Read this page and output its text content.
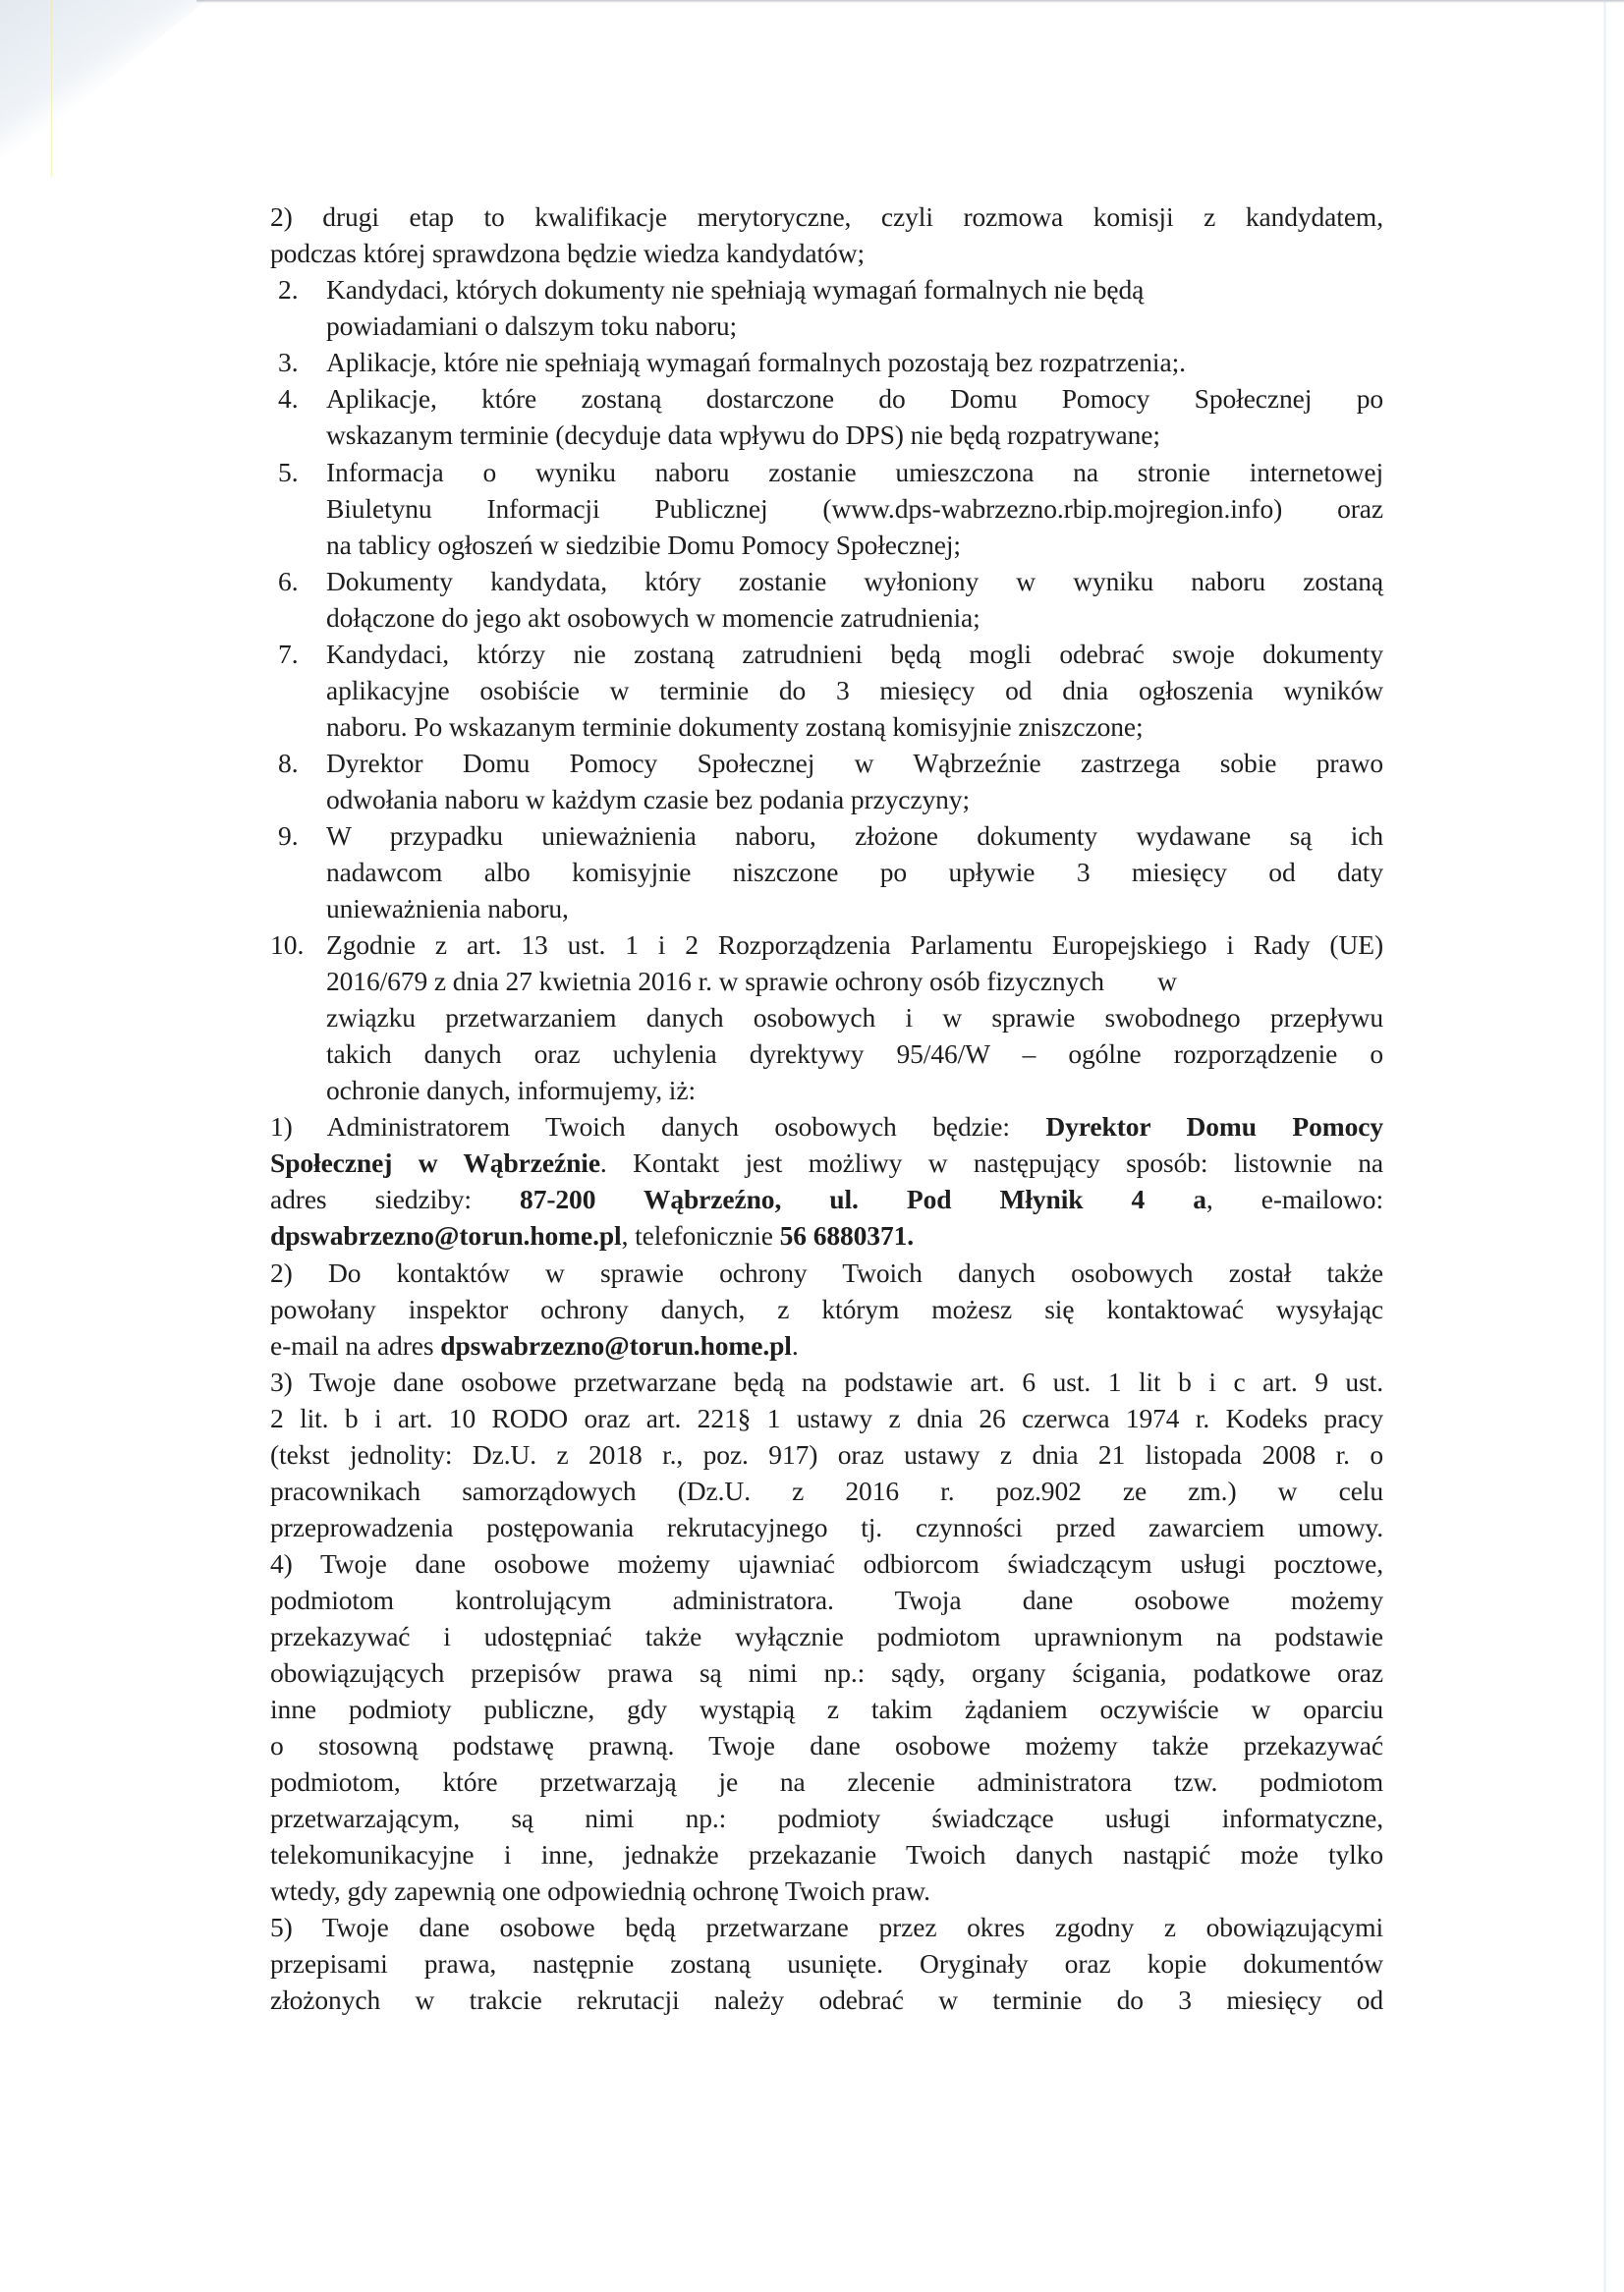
2) drugi etap to kwalifikacje merytoryczne, czyli rozmowa komisji z kandydatem,
podczas której sprawdzona będzie wiedza kandydatów;
2. Kandydaci, których dokumenty nie spełniają wymagań formalnych nie będą
powiadamiani o dalszym toku naboru;
3. Aplikacje, które nie spełniają wymagań formalnych pozostają bez rozpatrzenia;.
4. Aplikacje, które zostaną dostarczone do Domu Pomocy Społecznej po
wskazanym terminie (decyduje data wpływu do DPS) nie będą rozpatrywane;
5. Informacja o wyniku naboru zostanie umieszczona na stronie internetowej
Biuletynu Informacji Publicznej (www.dps-wabrzezno.rbip.mojregion.info) oraz
na tablicy ogłoszeń w siedzibie Domu Pomocy Społecznej;
6. Dokumenty kandydata, który zostanie wyłoniony w wyniku naboru zostaną
dołączone do jego akt osobowych w momencie zatrudnienia;
7. Kandydaci, którzy nie zostaną zatrudnieni będą mogli odebrać swoje dokumenty
aplikacyjne osobiście w terminie do 3 miesięcy od dnia ogłoszenia wyników
naboru. Po wskazanym terminie dokumenty zostaną komisyjnie zniszczone;
8. Dyrektor Domu Pomocy Społecznej w Wąbrzeźnie zastrzega sobie prawo
odwołania naboru w każdym czasie bez podania przyczyny;
9. W przypadku unieważnienia naboru, złożone dokumenty wydawane są ich
nadawcom albo komisyjnie niszczone po upływie 3 miesięcy od daty
unieważnienia naboru,
10. Zgodnie z art. 13 ust. 1 i 2 Rozporządzenia Parlamentu Europejskiego i Rady (UE)
2016/679 z dnia 27 kwietnia 2016 r. w sprawie ochrony osób fizycznych        w
związku przetwarzaniem danych osobowych i w sprawie swobodnego przepływu
takich danych oraz uchylenia dyrektywy 95/46/W – ogólne rozporządzenie o
ochronie danych, informujemy, iż:
1) Administratorem Twoich danych osobowych będzie: Dyrektor Domu Pomocy
Społecznej w Wąbrzeźnie. Kontakt jest możliwy w następujący sposób: listownie na
adres siedziby: 87-200 Wąbrzeźno, ul. Pod Młynik 4 a, e-mailowo:
dpswabrzezno@torun.home.pl, telefonicznie 56 6880371.
2) Do kontaktów w sprawie ochrony Twoich danych osobowych został także
powołany inspektor ochrony danych, z którym możesz się kontaktować wysyłając
e-mail na adres dpswabrzezno@torun.home.pl.
3) Twoje dane osobowe przetwarzane będą na podstawie art. 6 ust. 1 lit b i c art. 9 ust.
2 lit. b i art. 10 RODO oraz art. 221§ 1 ustawy z dnia 26 czerwca 1974 r. Kodeks pracy
(tekst jednolity: Dz.U. z 2018 r., poz. 917) oraz ustawy z dnia 21 listopada 2008 r. o
pracownikach samorządowych (Dz.U. z 2016 r. poz.902 ze zm.) w celu
przeprowadzenia postępowania rekrutacyjnego tj. czynności przed zawarciem umowy.
4) Twoje dane osobowe możemy ujawniać odbiorcom świadczącym usługi pocztowe,
podmiotom kontrolującym administratora. Twoja dane osobowe możemy
przekazywać i udostępniać także wyłącznie podmiotom uprawnionym na podstawie
obowiązujących przepisów prawa są nimi np.: sądy, organy ścigania, podatkowe oraz
inne podmioty publiczne, gdy wystąpią z takim żądaniem oczywiście w oparciu
o stosowną podstawę prawną. Twoje dane osobowe możemy także przekazywać
podmiotom, które przetwarzają je na zlecenie administratora tzw. podmiotom
przetwarzającym, są nimi np.: podmioty świadczące usługi informatyczne,
telekomunikacyjne i inne, jednakże przekazanie Twoich danych nastąpić może tylko
wtedy, gdy zapewnią one odpowiednią ochronę Twoich praw.
5) Twoje dane osobowe będą przetwarzane przez okres zgodny z obowiązującymi
przepisami prawa, następnie zostaną usunięte. Oryginały oraz kopie dokumentów
złożonych w trakcie rekrutacji należy odebrać w terminie do 3 miesięcy od
